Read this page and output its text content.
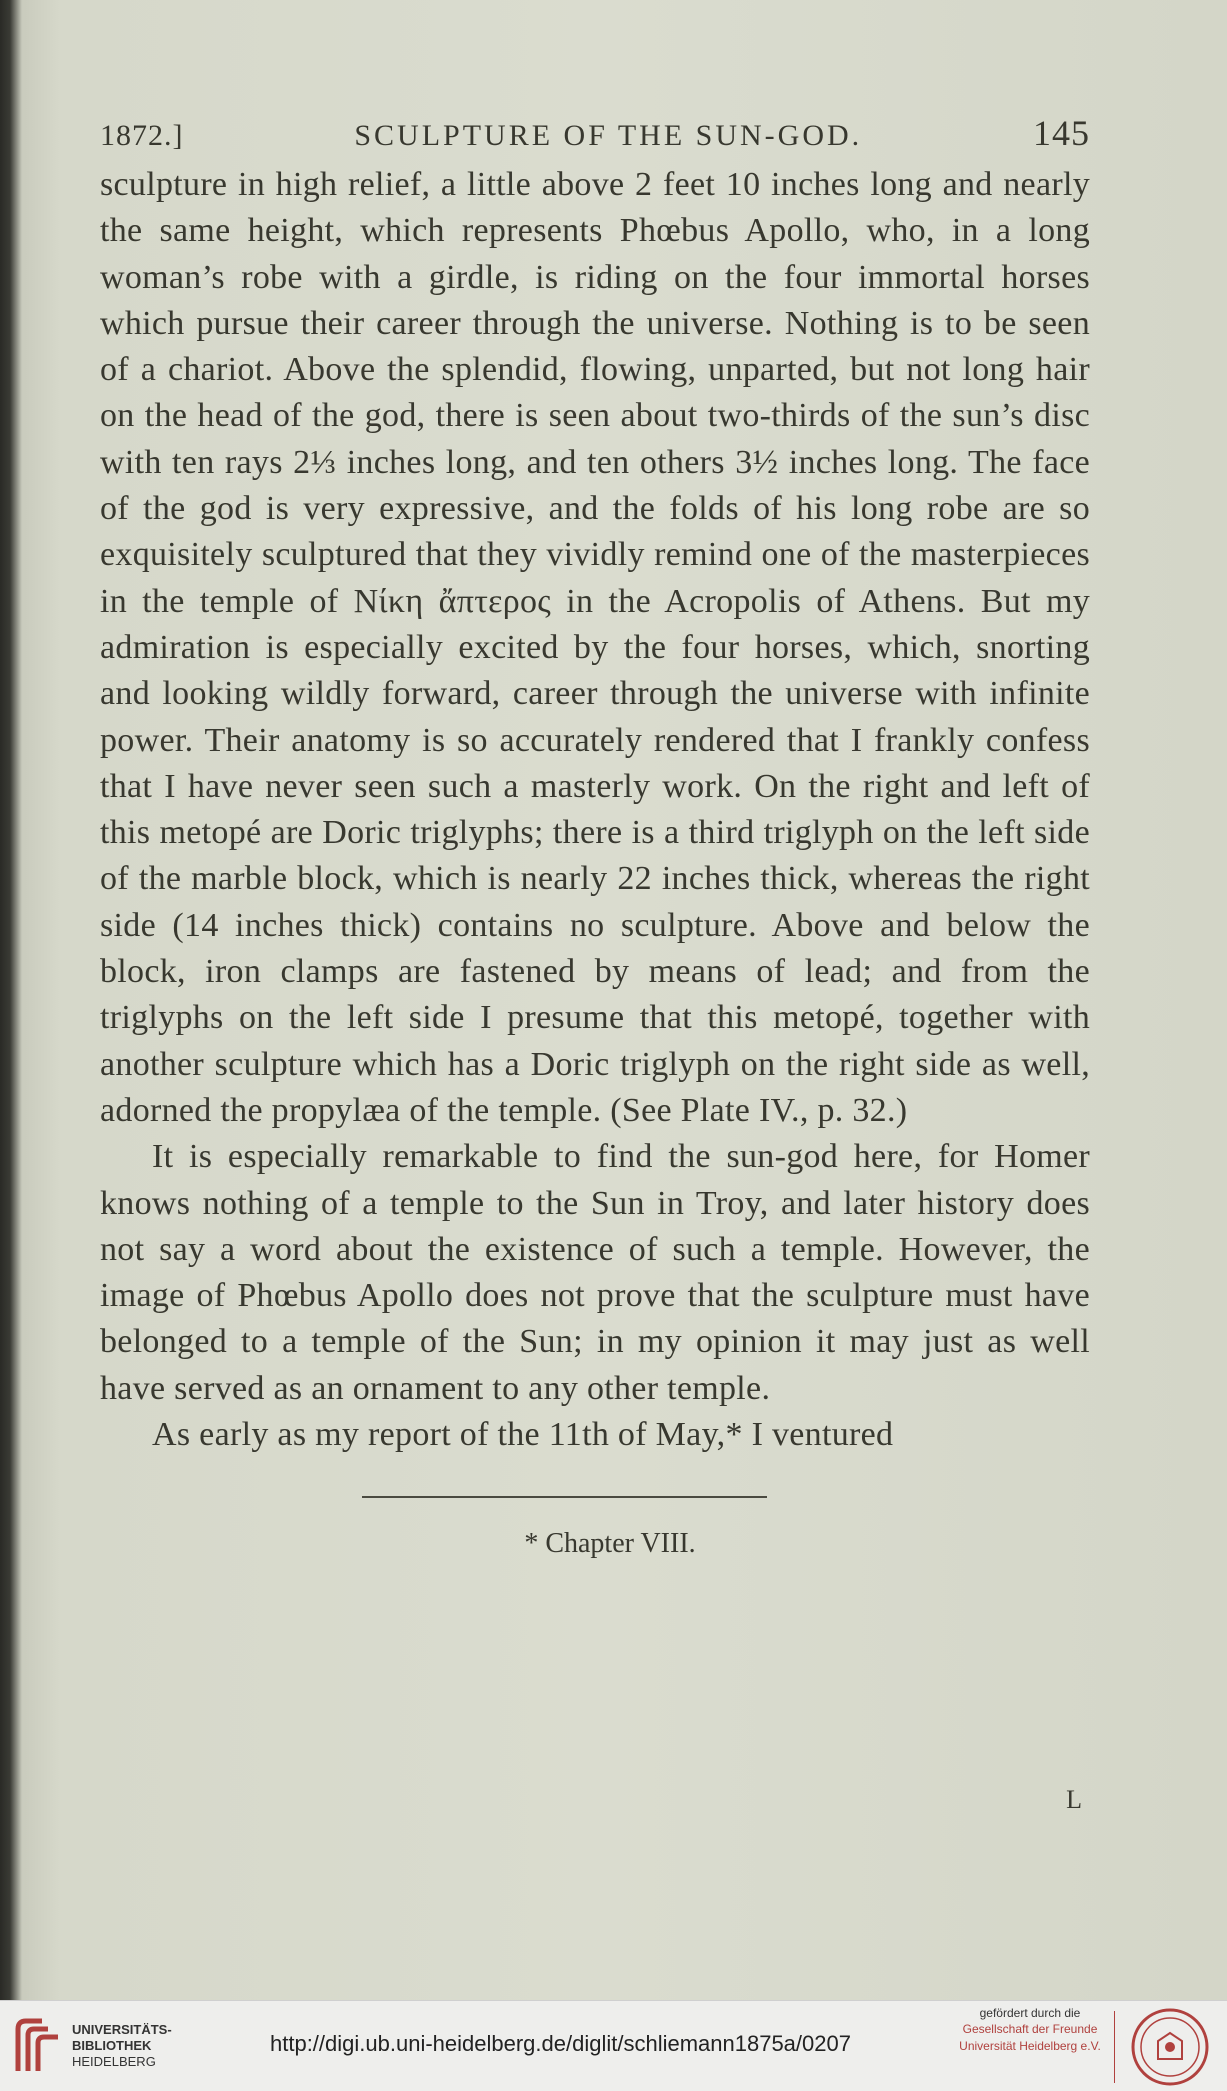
1872.]	SCULPTURE OF THE SUN-GOD.	145

sculpture in high relief, a little above 2 feet 10 inches long and nearly the same height, which represents Phœbus Apollo, who, in a long woman’s robe with a girdle, is riding on the four immortal horses which pursue their career through the universe. Nothing is to be seen of a chariot. Above the splendid, flowing, unparted, but not long hair on the head of the god, there is seen about two-thirds of the sun’s disc with ten rays 2⅓ inches long, and ten others 3½ inches long. The face of the god is very expressive, and the folds of his long robe are so exquisitely sculptured that they vividly remind one of the masterpieces in the temple of Νίκη ἄπτερος in the Acropolis of Athens. But my admiration is especially excited by the four horses, which, snorting and looking wildly forward, career through the universe with infinite power. Their anatomy is so accurately rendered that I frankly confess that I have never seen such a masterly work. On the right and left of this metopé are Doric triglyphs; there is a third triglyph on the left side of the marble block, which is nearly 22 inches thick, whereas the right side (14 inches thick) contains no sculpture. Above and below the block, iron clamps are fastened by means of lead; and from the triglyphs on the left side I presume that this metopé, together with another sculpture which has a Doric triglyph on the right side as well, adorned the propylæa of the temple. (See Plate IV., p. 32.)

It is especially remarkable to find the sun-god here, for Homer knows nothing of a temple to the Sun in Troy, and later history does not say a word about the existence of such a temple. However, the image of Phœbus Apollo does not prove that the sculpture must have belonged to a temple of the Sun; in my opinion it may just as well have served as an ornament to any other temple.

As early as my report of the 11th of May,* I ventured

* Chapter VIII.
L
UNIVERSITÄTS-
BIBLIOTHEK
HEIDELBERG
http://digi.ub.uni-heidelberg.de/diglit/schliemann1875a/0207
gefördert durch die
Gesellschaft der Freunde
Universität Heidelberg e.V.
